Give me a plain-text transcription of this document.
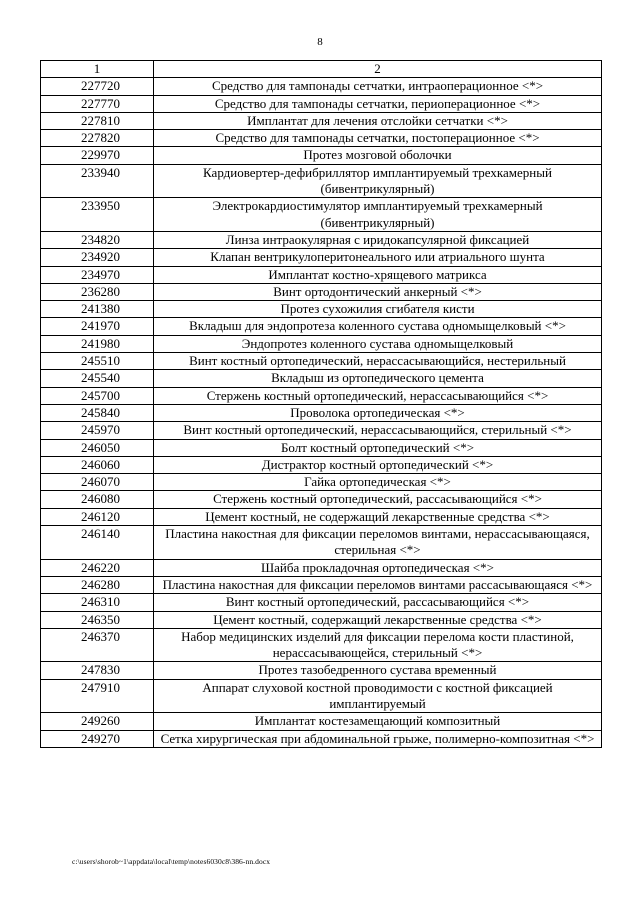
8
1	2
227720	Средство для тампонады сетчатки, интраоперационное <*>
227770	Средство для тампонады сетчатки, периоперационное <*>
227810	Имплантат для лечения отслойки сетчатки <*>
227820	Средство для тампонады сетчатки, постоперационное <*>
229970	Протез мозговой оболочки
233940	Кардиовертер-дефибриллятор имплантируемый трехкамерный (бивентрикулярный)
233950	Электрокардиостимулятор имплантируемый трехкамерный (бивентрикулярный)
234820	Линза интраокулярная с иридокапсулярной фиксацией
234920	Клапан вентрикулоперитонеального или атриального шунта
234970	Имплантат костно-хрящевого матрикса
236280	Винт ортодонтический анкерный <*>
241380	Протез сухожилия сгибателя кисти
241970	Вкладыш для эндопротеза коленного сустава одномыщелковый <*>
241980	Эндопротез коленного сустава одномыщелковый
245510	Винт костный ортопедический, нерассасывающийся, нестерильный
245540	Вкладыш из ортопедического цемента
245700	Стержень костный ортопедический, нерассасывающийся <*>
245840	Проволока ортопедическая <*>
245970	Винт костный ортопедический, нерассасывающийся, стерильный <*>
246050	Болт костный ортопедический <*>
246060	Дистрактор костный ортопедический <*>
246070	Гайка ортопедическая <*>
246080	Стержень костный ортопедический, рассасывающийся <*>
246120	Цемент костный, не содержащий лекарственные средства <*>
246140	Пластина накостная для фиксации переломов винтами, нерассасывающаяся, стерильная <*>
246220	Шайба прокладочная ортопедическая <*>
246280	Пластина накостная для фиксации переломов винтами рассасывающаяся <*>
246310	Винт костный ортопедический, рассасывающийся <*>
246350	Цемент костный, содержащий лекарственные средства <*>
246370	Набор медицинских изделий для фиксации перелома кости пластиной, нерассасывающейся, стерильный <*>
247830	Протез тазобедренного сустава временный
247910	Аппарат слуховой костной проводимости с костной фиксацией имплантируемый
249260	Имплантат костезамещающий композитный
249270	Сетка хирургическая при абдоминальной грыже, полимерно-композитная <*>
c:\users\shorob~1\appdata\local\temp\notes6030c8\386-nn.docx
